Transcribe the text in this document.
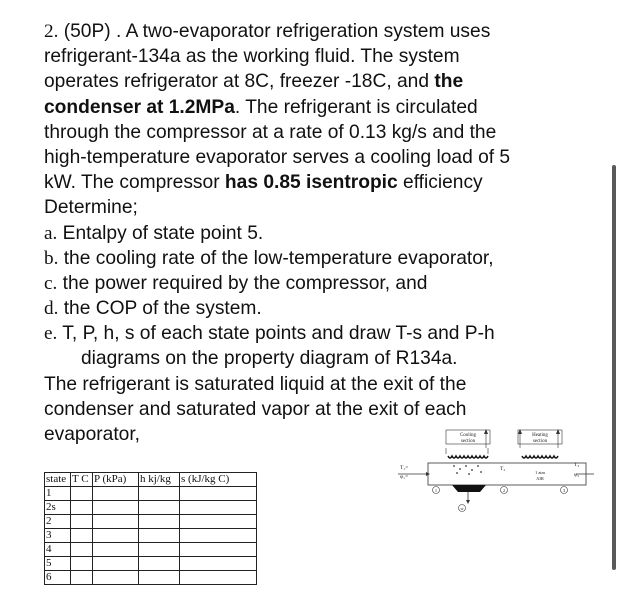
2. (50P) . A two-evaporator refrigeration system uses
refrigerant-134a as the working fluid. The system
operates refrigerator at 8C, freezer -18C, and the
condenser at 1.2MPa. The refrigerant is circulated
through the compressor at a rate of 0.13 kg/s and the
high-temperature evaporator serves a cooling load of 5
kW. The compressor has 0.85 isentropic efficiency
Determine;
a. Entalpy of state point 5.
b. the cooling rate of the low-temperature evaporator,
c. the power required by the compressor, and
d. the COP of the system.
e. T, P, h, s of each state points and draw T-s and P-h
diagrams on the property diagram of R134a.
The refrigerant is saturated liquid at the exit of the
condenser and saturated vapor at the exit of each
evaporator,
state	T C	P (kPa)	h kj/kg	s (kJ/kg C)
1				
2s				
2				
3				
4				
5				
6				
Cooling
section
w
Heating
section
1 atm
AIR
T₁=
φ₁=
T₂
T₃
φ₃
1	2	3
